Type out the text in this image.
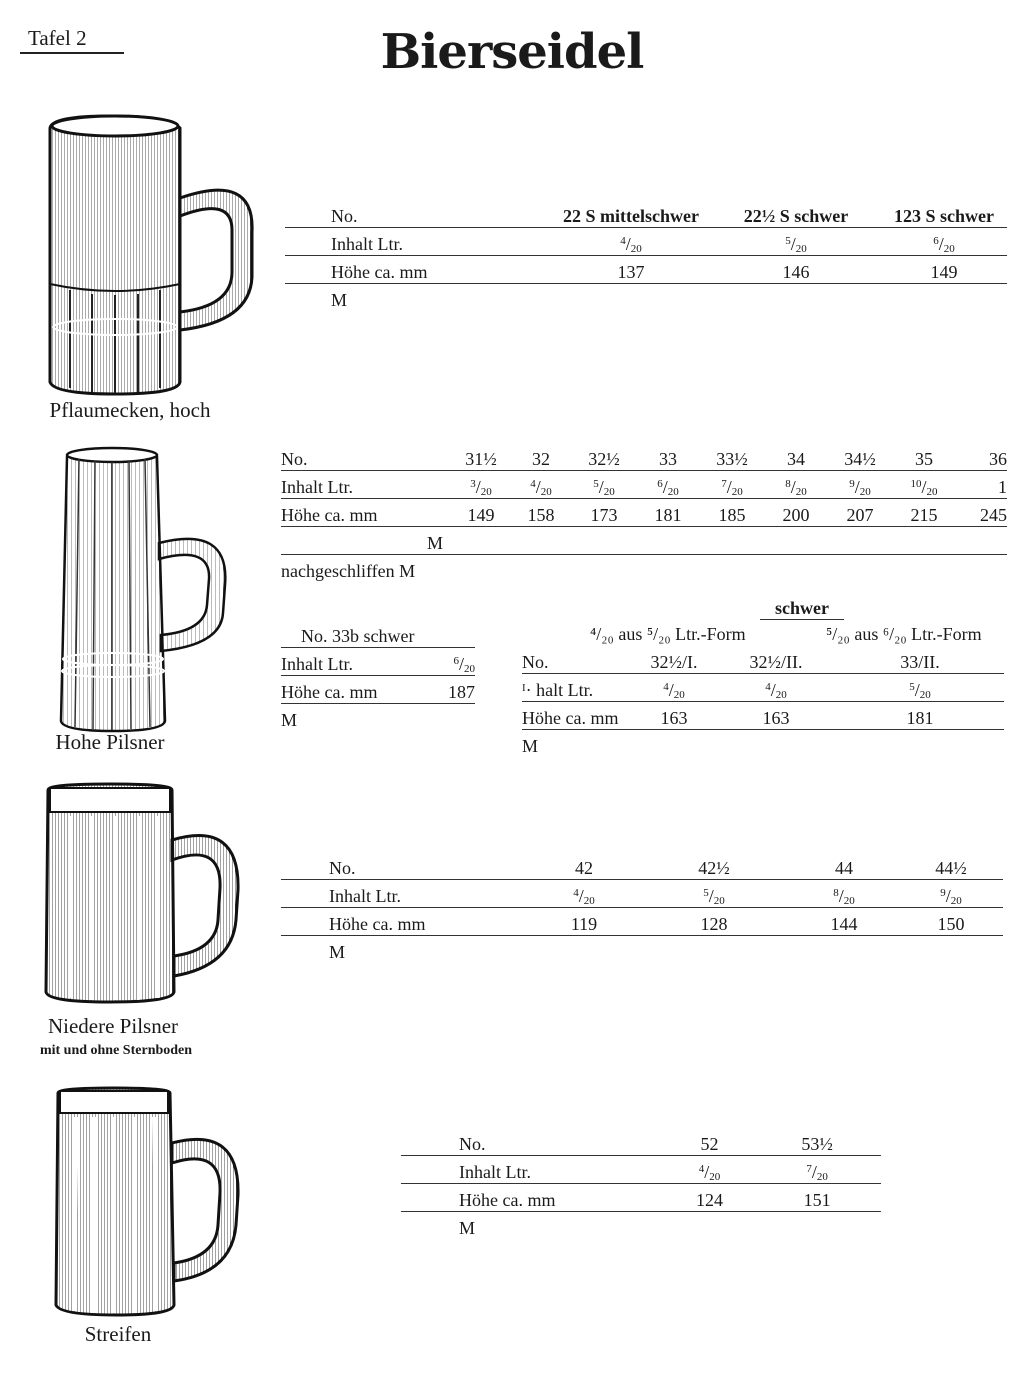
Tafel 2	Bierseidel
Pflaumecken, hoch
No.	22 S mittelschwer	22½ S schwer	123 S schwer
Inhalt Ltr.	$^4/_{20}$	$^5/_{20}$	$^6/_{20}$
Höhe ca. mm	137	146	149
M			
Hohe Pilsner
No.	31½	32	32½	33	33½	34	34½	35	36
Inhalt Ltr.	$^3/_{20}$	$^4/_{20}$	$^5/_{20}$	$^6/_{20}$	$^7/_{20}$	$^8/_{20}$	$^9/_{20}$	$^{10}/_{20}$	1
Höhe ca. mm	149	158	173	181	185	200	207	215	245
M									
nachgeschliffen M									
No. 33b schwer	
Inhalt Ltr.	$^6/_{20}$
Höhe ca. mm	187
M	
schwer
⁴/₂₀ aus ⁵/₂₀ Ltr.-Form	⁵/₂₀ aus ⁶/₂₀ Ltr.-Form
No.	32½/I.	32½/II.	33/II.
ᴵ· halt Ltr.	$^4/_{20}$	$^4/_{20}$	$^5/_{20}$
Höhe ca. mm	163	163	181
M			
Niedere Pilsner
mit und ohne Sternboden
No.	42	42½	44	44½
Inhalt Ltr.	$^4/_{20}$	$^5/_{20}$	$^8/_{20}$	$^9/_{20}$
Höhe ca. mm	119	128	144	150
M				
Streifen
No.	52	53½	
Inhalt Ltr.	$^4/_{20}$	$^7/_{20}$	
Höhe ca. mm	124	151	
M			
